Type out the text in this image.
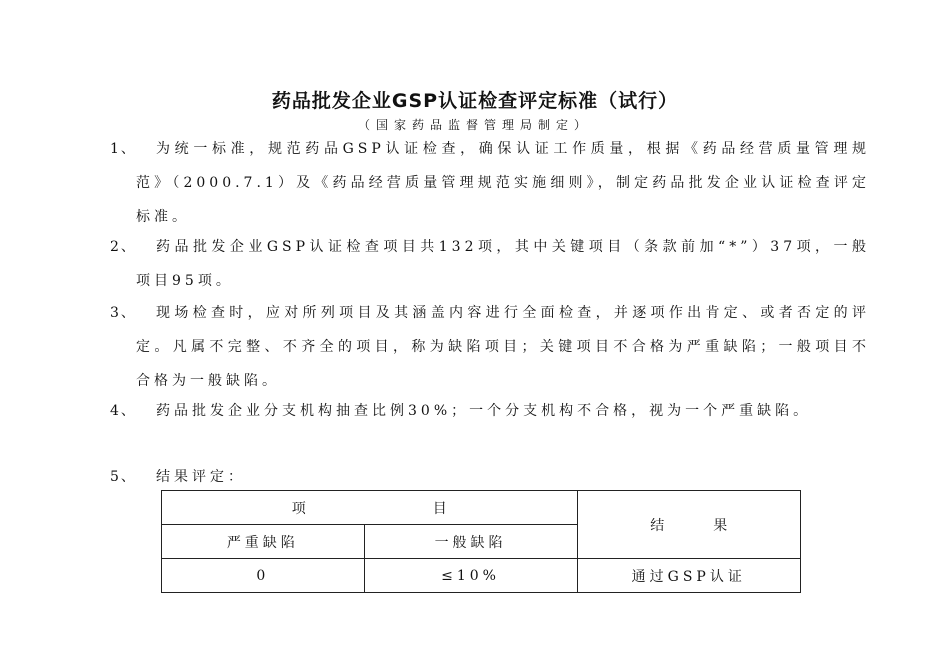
药品批发企业GSP认证检查评定标准（试行）
（国家药品监督管理局制定）
1、	为统一标准，规范药品GSP认证检查，确保认证工作质量，根据《药品经营质量管理规范》（2000.7.1）及《药品经营质量管理规范实施细则》，制定药品批发企业认证检查评定标准。
2、	药品批发企业GSP认证检查项目共132项，其中关键项目（条款前加“*”）37项，一般项目95项。
3、	现场检查时，应对所列项目及其涵盖内容进行全面检查，并逐项作出肯定、或者否定的评定。凡属不完整、不齐全的项目，称为缺陷项目；关键项目不合格为严重缺陷；一般项目不合格为一般缺陷。
4、	药品批发企业分支机构抽查比例30%；一个分支机构不合格，视为一个严重缺陷。
5、	结果评定：
项 目		结 果
严重缺陷	一般缺陷	
0	≤10%	通过GSP认证
